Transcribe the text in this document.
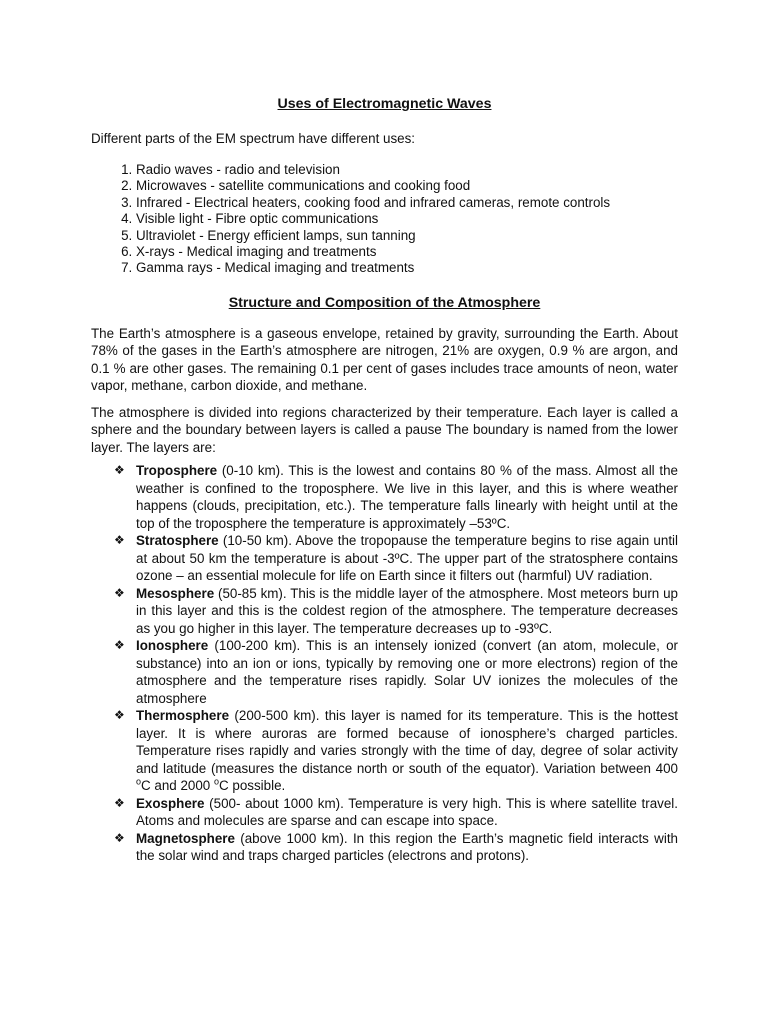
Uses of Electromagnetic Waves

Different parts of the EM spectrum have different uses:

1. Radio waves - radio and television
2. Microwaves - satellite communications and cooking food
3. Infrared - Electrical heaters, cooking food and infrared cameras, remote controls
4. Visible light - Fibre optic communications
5. Ultraviolet - Energy efficient lamps, sun tanning
6. X-rays - Medical imaging and treatments
7. Gamma rays - Medical imaging and treatments
Structure and Composition of the Atmosphere

The Earth’s atmosphere is a gaseous envelope, retained by gravity, surrounding the Earth. About 78% of the gases in the Earth’s atmosphere are nitrogen, 21% are oxygen, 0.9 % are argon, and 0.1 % are other gases. The remaining 0.1 per cent of gases includes trace amounts of neon, water vapor, methane, carbon dioxide, and methane.

The atmosphere is divided into regions characterized by their temperature. Each layer is called a sphere and the boundary between layers is called a pause The boundary is named from the lower layer. The layers are:

❖ Troposphere (0-10 km). This is the lowest and contains 80 % of the mass. Almost all the weather is confined to the troposphere. We live in this layer, and this is where weather happens (clouds, precipitation, etc.). The temperature falls linearly with height until at the top of the troposphere the temperature is approximately –53ºC.
❖ Stratosphere (10-50 km). Above the tropopause the temperature begins to rise again until at about 50 km the temperature is about -3ºC. The upper part of the stratosphere contains ozone – an essential molecule for life on Earth since it filters out (harmful) UV radiation.
❖ Mesosphere (50-85 km). This is the middle layer of the atmosphere. Most meteors burn up in this layer and this is the coldest region of the atmosphere. The temperature decreases as you go higher in this layer. The temperature decreases up to -93ºC.
❖ Ionosphere (100-200 km). This is an intensely ionized (convert (an atom, molecule, or substance) into an ion or ions, typically by removing one or more electrons) region of the atmosphere and the temperature rises rapidly. Solar UV ionizes the molecules of the atmosphere
❖ Thermosphere (200-500 km). this layer is named for its temperature. This is the hottest layer. It is where auroras are formed because of ionosphere’s charged particles. Temperature rises rapidly and varies strongly with the time of day, degree of solar activity and latitude (measures the distance north or south of the equator). Variation between 400 $^o$C and 2000 $^o$C possible.
❖ Exosphere (500- about 1000 km). Temperature is very high. This is where satellite travel. Atoms and molecules are sparse and can escape into space.
❖ Magnetosphere (above 1000 km). In this region the Earth’s magnetic field interacts with the solar wind and traps charged particles (electrons and protons).
